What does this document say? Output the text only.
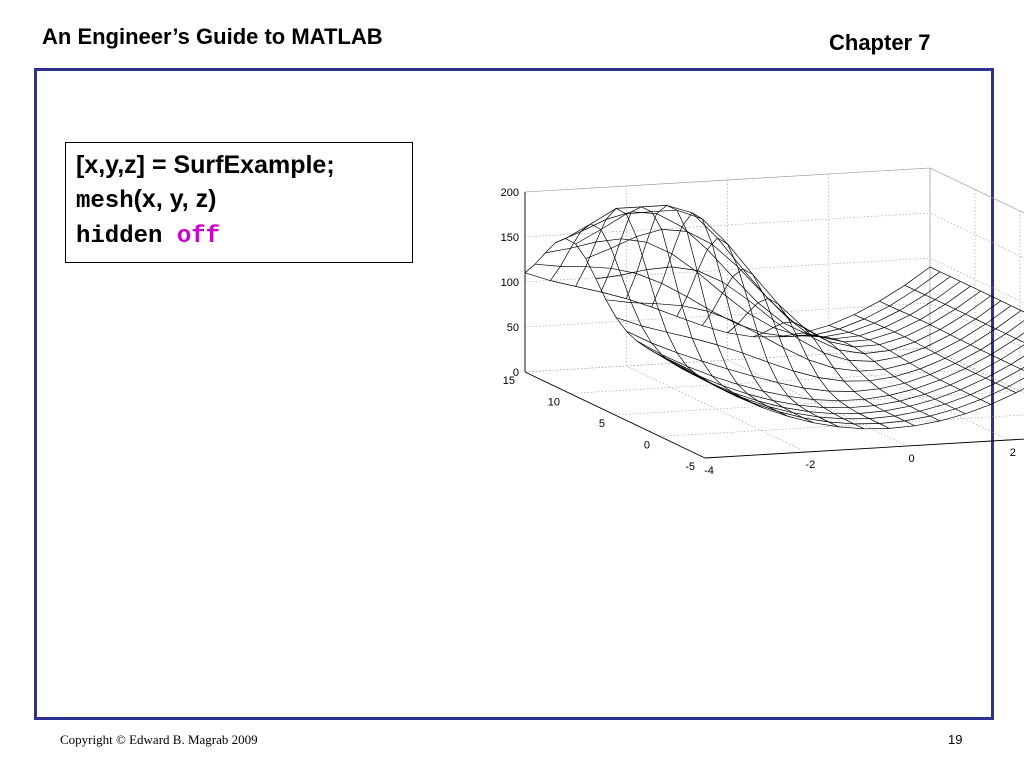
An Engineer’s Guide to MATLAB	Chapter 7
[x,y,z] = SurfExample;
mesh(x, y, z)
hidden off
0
50
100
150
200
-5
0
5
10
15
-4	-2	0	2
Copyright © Edward B. Magrab 2009	19
